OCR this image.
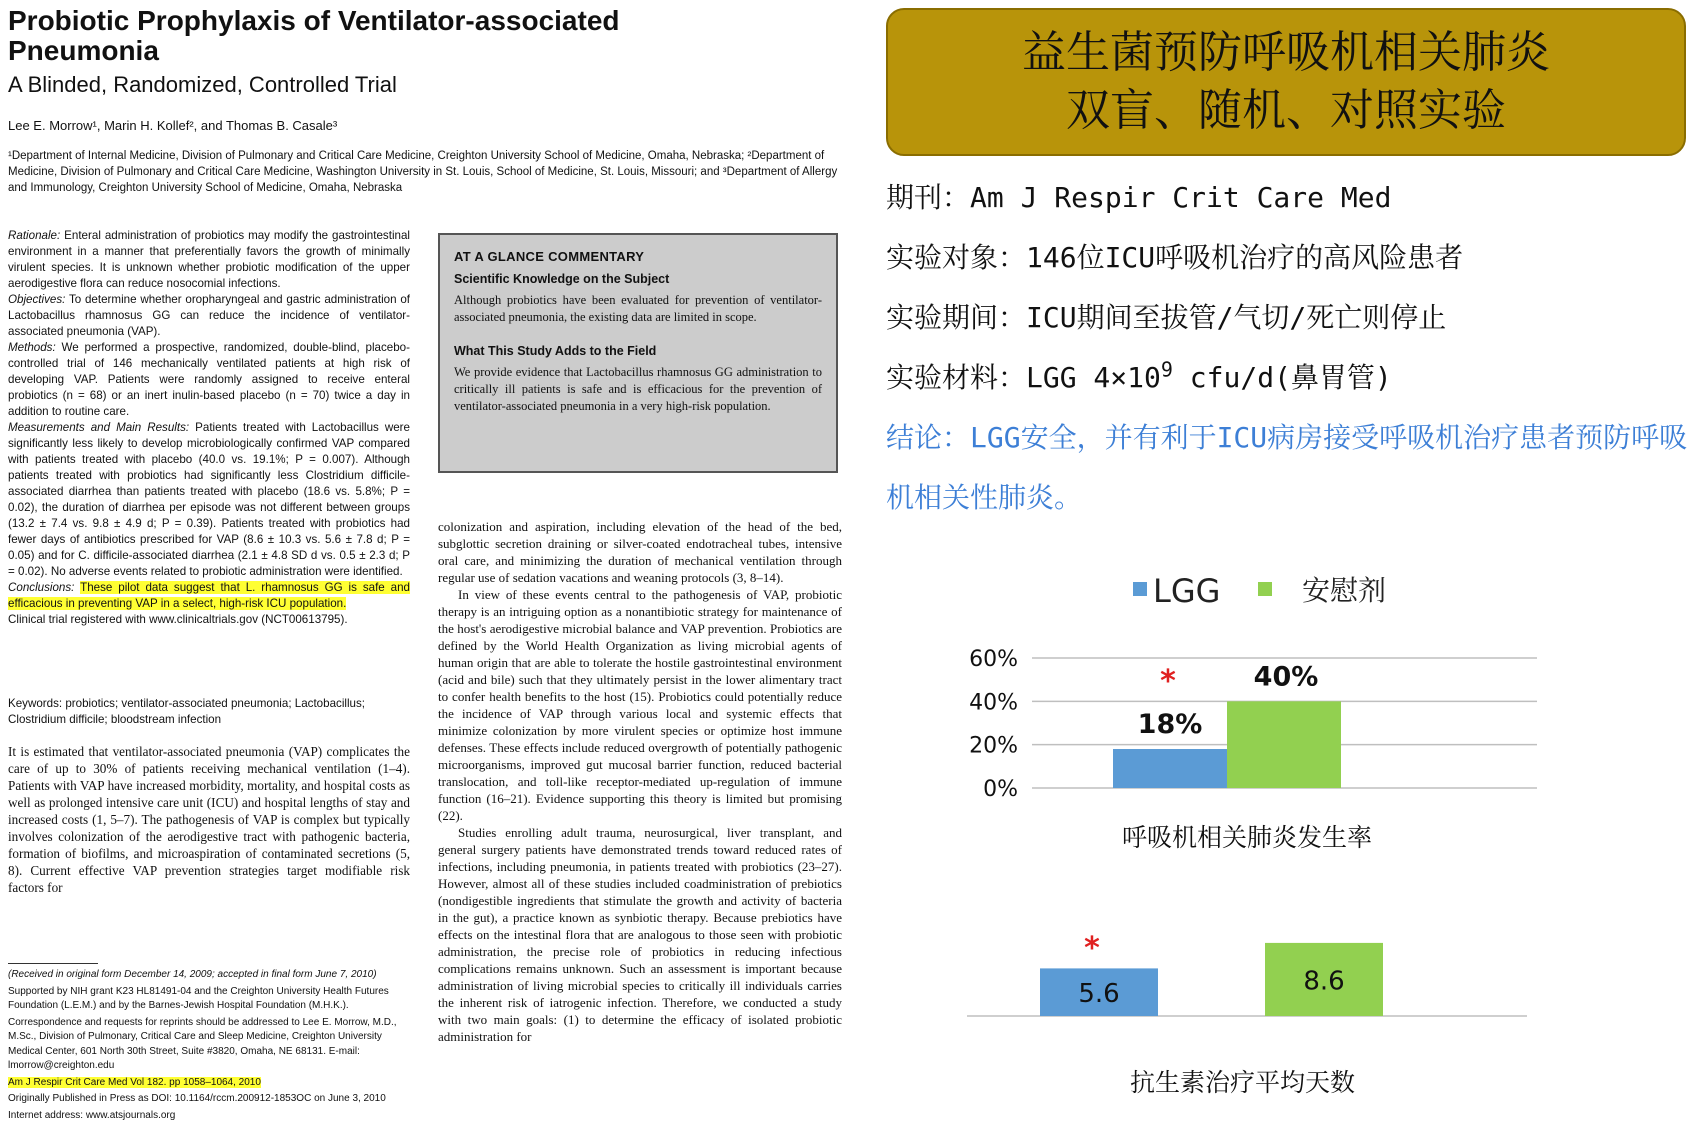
Probiotic Prophylaxis of Ventilator-associated Pneumonia
A Blinded, Randomized, Controlled Trial
Lee E. Morrow¹, Marin H. Kollef², and Thomas B. Casale³
¹Department of Internal Medicine, Division of Pulmonary and Critical Care Medicine, Creighton University School of Medicine, Omaha, Nebraska; ²Department of Medicine, Division of Pulmonary and Critical Care Medicine, Washington University in St. Louis, School of Medicine, St. Louis, Missouri; and ³Department of Allergy and Immunology, Creighton University School of Medicine, Omaha, Nebraska

Rationale: Enteral administration of probiotics may modify the gastrointestinal environment in a manner that preferentially favors the growth of minimally virulent species. It is unknown whether probiotic modification of the upper aerodigestive flora can reduce nosocomial infections.

Objectives: To determine whether oropharyngeal and gastric administration of Lactobacillus rhamnosus GG can reduce the incidence of ventilator-associated pneumonia (VAP).

Methods: We performed a prospective, randomized, double-blind, placebo-controlled trial of 146 mechanically ventilated patients at high risk of developing VAP. Patients were randomly assigned to receive enteral probiotics (n = 68) or an inert inulin-based placebo (n = 70) twice a day in addition to routine care.

Measurements and Main Results: Patients treated with Lactobacillus were significantly less likely to develop microbiologically confirmed VAP compared with patients treated with placebo (40.0 vs. 19.1%; P = 0.007). Although patients treated with probiotics had significantly less Clostridium difficile-associated diarrhea than patients treated with placebo (18.6 vs. 5.8%; P = 0.02), the duration of diarrhea per episode was not different between groups (13.2 ± 7.4 vs. 9.8 ± 4.9 d; P = 0.39). Patients treated with probiotics had fewer days of antibiotics prescribed for VAP (8.6 ± 10.3 vs. 5.6 ± 7.8 d; P = 0.05) and for C. difficile-associated diarrhea (2.1 ± 4.8 SD d vs. 0.5 ± 2.3 d; P = 0.02). No adverse events related to probiotic administration were identified.

Conclusions: These pilot data suggest that L. rhamnosus GG is safe and efficacious in preventing VAP in a select, high-risk ICU population.

Clinical trial registered with www.clinicaltrials.gov (NCT00613795).

Keywords: probiotics; ventilator-associated pneumonia; Lactobacillus; Clostridium difficile; bloodstream infection
It is estimated that ventilator-associated pneumonia (VAP) complicates the care of up to 30% of patients receiving mechanical ventilation (1–4). Patients with VAP have increased morbidity, mortality, and hospital costs as well as prolonged intensive care unit (ICU) and hospital lengths of stay and increased costs (1, 5–7). The pathogenesis of VAP is complex but typically involves colonization of the aerodigestive tract with pathogenic bacteria, formation of biofilms, and microaspiration of contaminated secretions (5, 8). Current effective VAP prevention strategies target modifiable risk factors for

(Received in original form December 14, 2009; accepted in final form June 7, 2010)

Supported by NIH grant K23 HL81491-04 and the Creighton University Health Futures Foundation (L.E.M.) and by the Barnes-Jewish Hospital Foundation (M.H.K.).

Correspondence and requests for reprints should be addressed to Lee E. Morrow, M.D., M.Sc., Division of Pulmonary, Critical Care and Sleep Medicine, Creighton University Medical Center, 601 North 30th Street, Suite #3820, Omaha, NE 68131. E-mail: lmorrow@creighton.edu

Am J Respir Crit Care Med Vol 182. pp 1058–1064, 2010

Originally Published in Press as DOI: 10.1164/rccm.200912-1853OC on June 3, 2010

Internet address: www.atsjournals.org

AT A GLANCE COMMENTARY
Scientific Knowledge on the Subject

Although probiotics have been evaluated for prevention of ventilator-associated pneumonia, the existing data are limited in scope.

What This Study Adds to the Field

We provide evidence that Lactobacillus rhamnosus GG administration to critically ill patients is safe and is efficacious for the prevention of ventilator-associated pneumonia in a very high-risk population.

colonization and aspiration, including elevation of the head of the bed, subglottic secretion draining or silver-coated endotracheal tubes, intensive oral care, and minimizing the duration of mechanical ventilation through regular use of sedation vacations and weaning protocols (3, 8–14).

In view of these events central to the pathogenesis of VAP, probiotic therapy is an intriguing option as a nonantibiotic strategy for maintenance of the host's aerodigestive microbial balance and VAP prevention. Probiotics are defined by the World Health Organization as living microbial agents of human origin that are able to tolerate the hostile gastrointestinal environment (acid and bile) such that they ultimately persist in the lower alimentary tract to confer health benefits to the host (15). Probiotics could potentially reduce the incidence of VAP through various local and systemic effects that minimize colonization by more virulent species or optimize host immune defenses. These effects include reduced overgrowth of potentially pathogenic microorganisms, improved gut mucosal barrier function, reduced bacterial translocation, and toll-like receptor-mediated up-regulation of immune function (16–21). Evidence supporting this theory is limited but promising (22).

Studies enrolling adult trauma, neurosurgical, liver transplant, and general surgery patients have demonstrated trends toward reduced rates of infections, including pneumonia, in patients treated with probiotics (23–27). However, almost all of these studies included coadministration of prebiotics (nondigestible ingredients that stimulate the growth and activity of bacteria in the gut), a practice known as synbiotic therapy. Because prebiotics have effects on the intestinal flora that are analogous to those seen with probiotic administration, the precise role of probiotics in reducing infectious complications remains unknown. Such an assessment is important because administration of living microbial species to critically ill individuals carries the inherent risk of iatrogenic infection. Therefore, we conducted a study with two main goals: (1) to determine the efficacy of isolated probiotic administration for

益生菌预防呼吸机相关肺炎
双盲、随机、对照实验
期刊：Am J Respir Crit Care Med
实验对象：146位ICU呼吸机治疗的高风险患者
实验期间：ICU期间至拔管/气切/死亡则停止
实验材料：LGG $4\times 10^9$ cfu/d(鼻胃管)
结论：LGG安全，并有利于ICU病房接受呼吸机治疗患者预防呼吸机相关性肺炎。
LGG	安慰剂
60%
40%
20%
0%
18%
40%
*
呼吸机相关肺炎发生率
5.6	8.6
*
抗生素治疗平均天数
